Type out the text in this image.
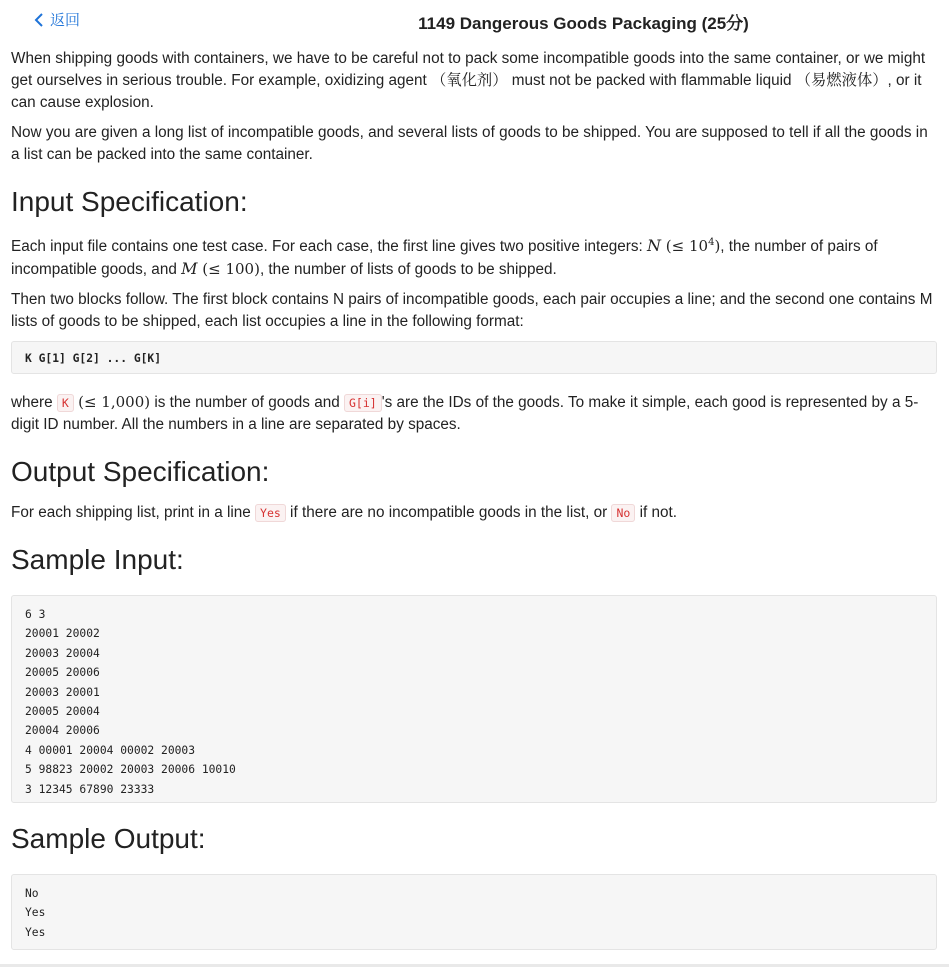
返回	1149 Dangerous Goods Packaging (25分)

When shipping goods with containers, we have to be careful not to pack some incompatible goods into the same container, or we might get ourselves in serious trouble. For example, oxidizing agent （氧化剂） must not be packed with flammable liquid （易燃液体）, or it can cause explosion.

Now you are given a long list of incompatible goods, and several lists of goods to be shipped. You are supposed to tell if all the goods in a list can be packed into the same container.

Input Specification:

Each input file contains one test case. For each case, the first line gives two positive integers: N (≤ $10^4$), the number of pairs of incompatible goods, and M (≤ 100), the number of lists of goods to be shipped.

Then two blocks follow. The first block contains N pairs of incompatible goods, each pair occupies a line; and the second one contains M lists of goods to be shipped, each list occupies a line in the following format:

K G[1] G[2] ... G[K]

where K (≤ 1,000) is the number of goods and G[i] 's are the IDs of the goods. To make it simple, each good is represented by a 5-digit ID number. All the numbers in a line are separated by spaces.

Output Specification:

For each shipping list, print in a line Yes if there are no incompatible goods in the list, or No if not.

Sample Input:
6 3
20001 20002
20003 20004
20005 20006
20003 20001
20005 20004
20004 20006
4 00001 20004 00002 20003
5 98823 20002 20003 20006 10010
3 12345 67890 23333
Sample Output:
No
Yes
Yes
